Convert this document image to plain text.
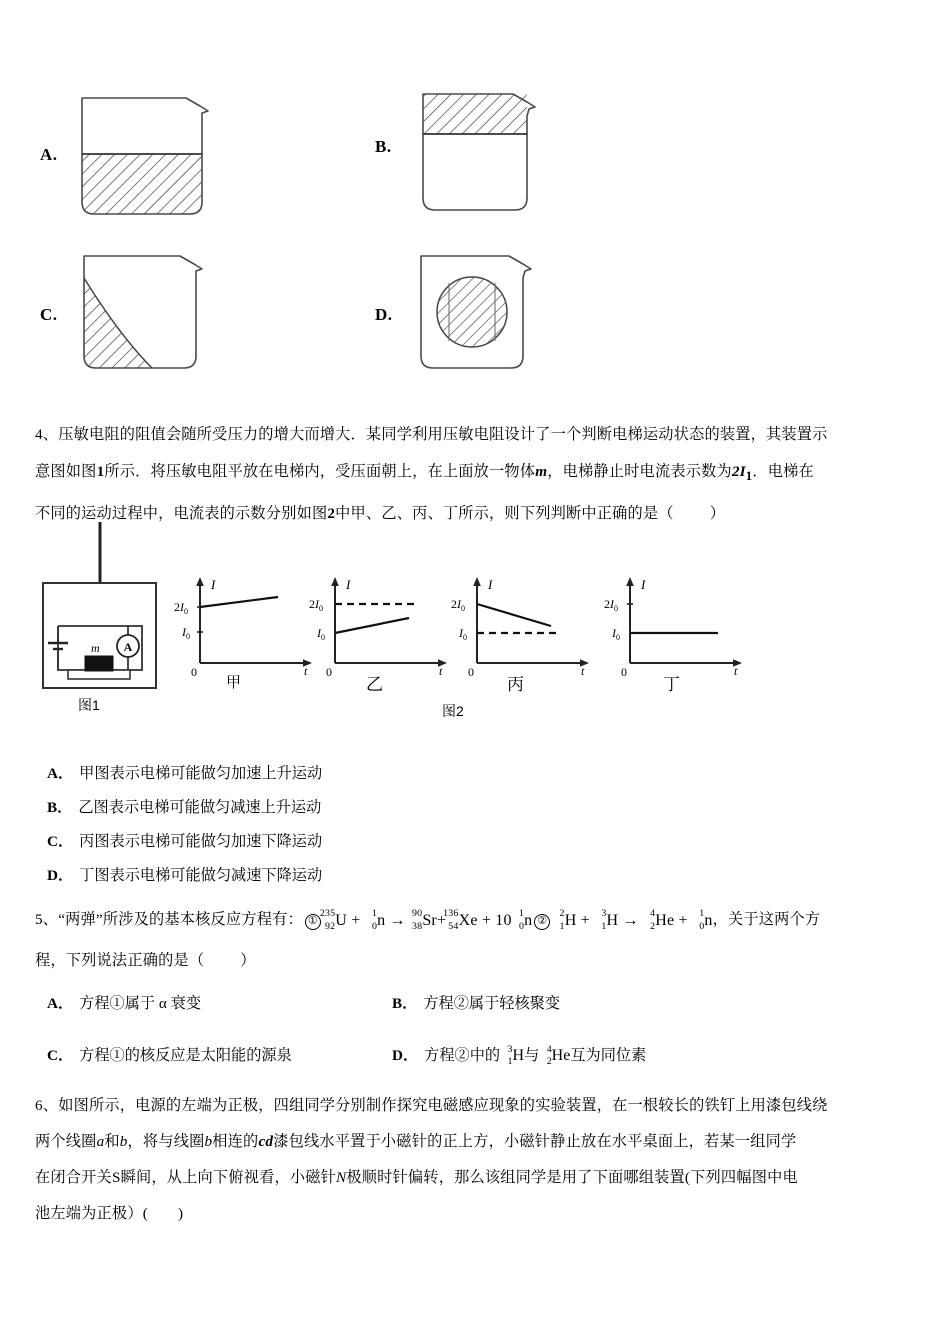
A.	B.
C.	D.
4、压敏电阻的阻值会随所受压力的增大而增大．某同学利用压敏电阻设计了一个判断电梯运动状态的装置，其装置示
意图如图1所示．将压敏电阻平放在电梯内，受压面朝上，在上面放一物体m，电梯静止时电流表示数为$2I_1$．电梯在
不同的运动过程中，电流表的示数分别如图2中甲、乙、丙、丁所示，则下列判断中正确的是（ ）
A
m
图1
I
t
0
$2I_0$
$I_0$
I
t
0
$2I_0$
$I_0$
I
t
0
$2I_0$
$I_0$
I
t
0
$2I_0$
$I_0$
甲	乙	丙	丁
图2
A． 甲图表示电梯可能做匀加速上升运动
B． 乙图表示电梯可能做匀减速上升运动
C． 丙图表示电梯可能做匀加速下降运动
D． 丁图表示电梯可能做匀减速下降运动
5、“两弹”所涉及的基本核反应方程有： ①
235
92 U + 1
0 n → 90
38 Sr+
136
54 Xe + 10 1
0 n ②
2
1 H + 3
1 H → 4
2 He + 1
0 n，关于这两个方
程，下列说法正确的是（ ）
A． 方程①属于 α 衰变	B． 方程②属于轻核聚变
C． 方程①的核反应是太阳能的源泉	D． 方程②中的 3
1 H与 4
2 He互为同位素
6、如图所示，电源的左端为正极，四组同学分别制作探究电磁感应现象的实验装置，在一根较长的铁钉上用漆包线绕
两个线圈a和b，将与线圈b相连的cd漆包线水平置于小磁针的正上方，小磁针静止放在水平桌面上，若某一组同学
在闭合开关S瞬间，从上向下俯视看，小磁针N极顺时针偏转，那么该组同学是用了下面哪组装置(下列四幅图中电
池左端为正极）( )
